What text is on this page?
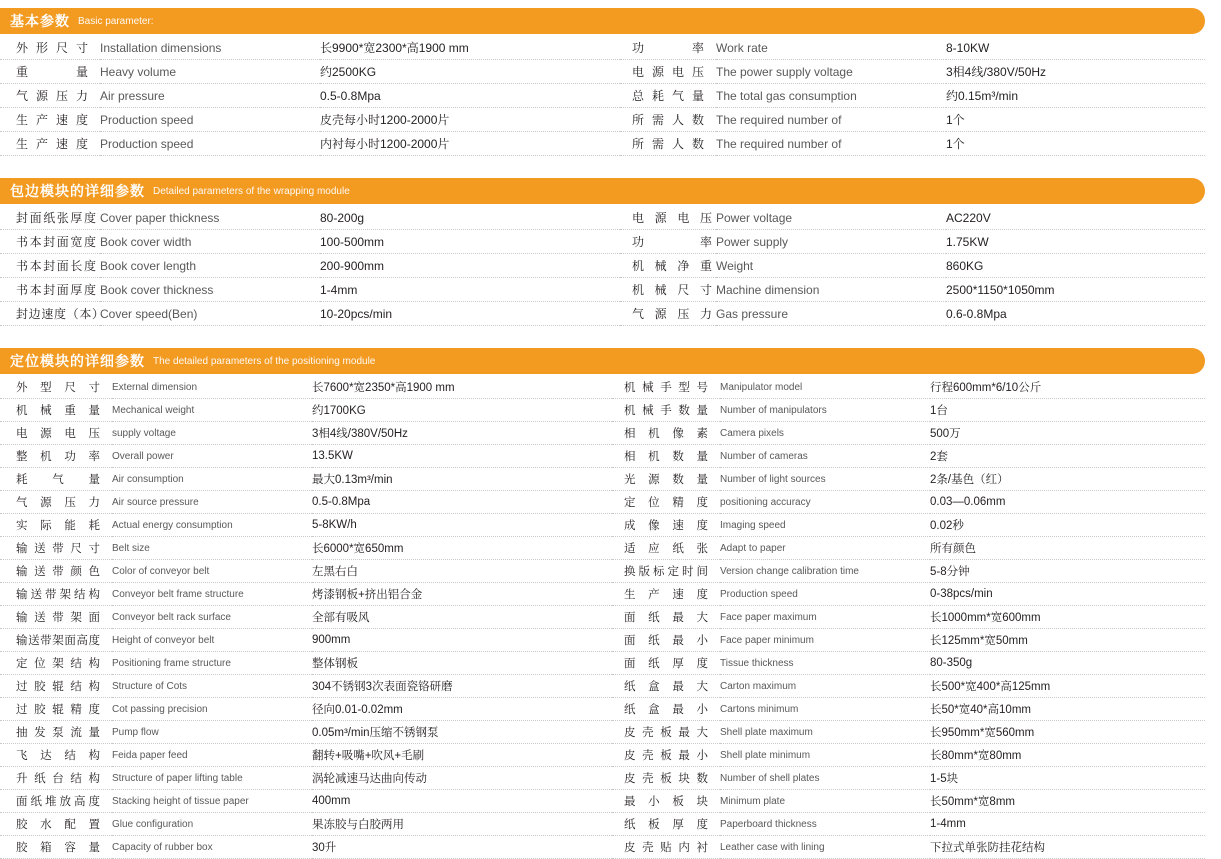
基本参数 Basic parameter:
外形尺寸	Installation dimensions	长9900*宽2300*高1900 mm	功　　率	Work rate	8-10KW
重　　量	Heavy volume	约2500KG	电源电压	The power supply voltage	3相4线/380V/50Hz
气源压力	Air pressure	0.5-0.8Mpa	总耗气量	The total gas consumption	约0.15m³/min
生产速度	Production speed	皮壳每小时1200-2000片	所需人数	The required number of	1个
生产速度	Production speed	内衬每小时1200-2000片	所需人数	The required number of	1个
包边模块的详细参数 Detailed parameters of the wrapping module
封面纸张厚度	Cover paper thickness	80-200g	电源电压	Power voltage	AC220V
书本封面宽度	Book cover width	100-500mm	功　　率	Power supply	1.75KW
书本封面长度	Book cover length	200-900mm	机械净重	Weight	860KG
书本封面厚度	Book cover thickness	1-4mm	机械尺寸	Machine dimension	2500*1150*1050mm
封边速度（本）	Cover speed(Ben)	10-20pcs/min	气源压力	Gas pressure	0.6-0.8Mpa
定位模块的详细参数 The detailed parameters of the positioning module
外型尺寸	External dimension	长7600*宽2350*高1900 mm	机械手型号	Manipulator model	行程600mm*6/10公斤
机械重量	Mechanical weight	约1700KG	机械手数量	Number of manipulators	1台
电源电压	supply voltage	3相4线/380V/50Hz	相机像素	Camera pixels	500万
整机功率	Overall power	13.5KW	相机数量	Number of cameras	2套
耗气量	Air consumption	最大0.13m³/min	光源数量	Number of light sources	2条/基色（红）
气源压力	Air source pressure	0.5-0.8Mpa	定位精度	positioning accuracy	0.03—0.06mm
实际能耗	Actual energy consumption	5-8KW/h	成像速度	Imaging speed	0.02秒
输送带尺寸	Belt size	长6000*宽650mm	适应纸张	Adapt to paper	所有颜色
输送带颜色	Color of conveyor belt	左黑右白	换版标定时间	Version change calibration time	5-8分钟
输送带架结构	Conveyor belt frame structure	烤漆钢板+挤出铝合金	生产速度	Production speed	0-38pcs/min
输送带架面	Conveyor belt rack surface	全部有吸风	面纸最大	Face paper maximum	长1000mm*宽600mm
输送带架面高度	Height of conveyor belt	900mm	面纸最小	Face paper minimum	长125mm*宽50mm
定位架结构	Positioning frame structure	整体钢板	面纸厚度	Tissue thickness	80-350g
过胶辊结构	Structure of Cots	304不锈钢3次表面瓷铬研磨	纸盒最大	Carton maximum	长500*宽400*高125mm
过胶辊精度	Cot passing precision	径向0.01-0.02mm	纸盒最小	Cartons minimum	长50*宽40*高10mm
抽发泵流量	Pump flow	0.05m³/min压缩不锈钢泵	皮壳板最大	Shell plate maximum	长950mm*宽560mm
飞达结构	Feida paper feed	翻转+吸嘴+吹风+毛刷	皮壳板最小	Shell plate minimum	长80mm*宽80mm
升纸台结构	Structure of paper lifting table	涡轮减速马达曲向传动	皮壳板块数	Number of shell plates	1-5块
面纸堆放高度	Stacking height of tissue paper	400mm	最小板块	Minimum plate	长50mm*宽8mm
胶水配置	Glue configuration	果冻胶与白胶两用	纸板厚度	Paperboard thickness	1-4mm
胶箱容量	Capacity of rubber box	30升	皮壳贴内衬	Leather case with lining	下拉式单张防挂花结构
